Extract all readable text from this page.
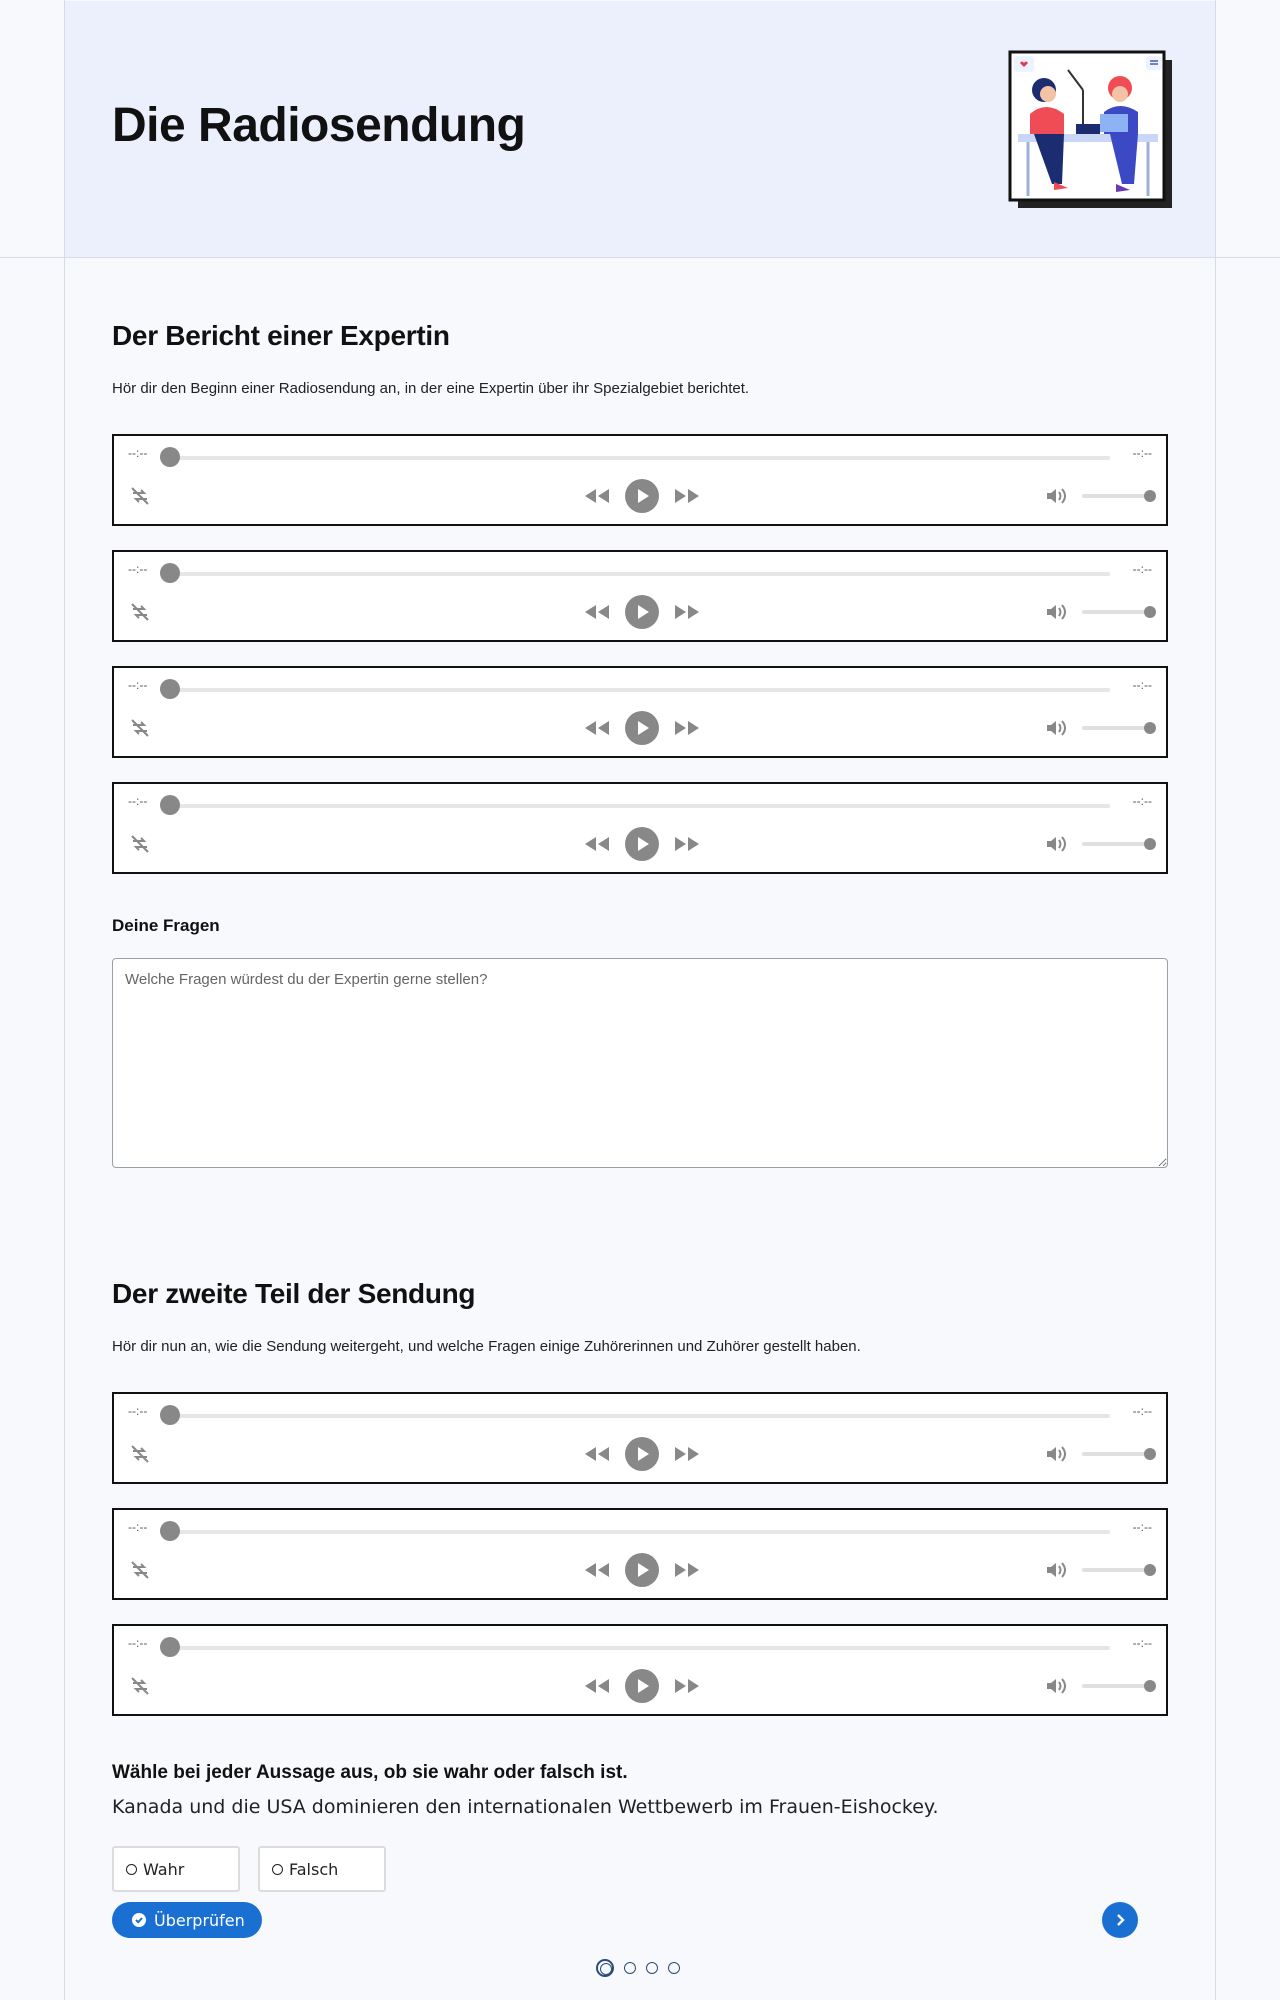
Die Radiosendung
Der Bericht einer Expertin
Hör dir den Beginn einer Radiosendung an, in der eine Expertin über ihr Spezialgebiet berichtet.
--:--	--:--
--:--	--:--
--:--	--:--
--:--	--:--
Deine Fragen
Welche Fragen würdest du der Expertin gerne stellen?
Der zweite Teil der Sendung
Hör dir nun an, wie die Sendung weitergeht, und welche Fragen einige Zuhörerinnen und Zuhörer gestellt haben.
--:--	--:--
--:--	--:--
--:--	--:--
Wähle bei jeder Aussage aus, ob sie wahr oder falsch ist.
Kanada und die USA dominieren den internationalen Wettbewerb im Frauen-Eishockey.
Wahr	Falsch
Überprüfen
